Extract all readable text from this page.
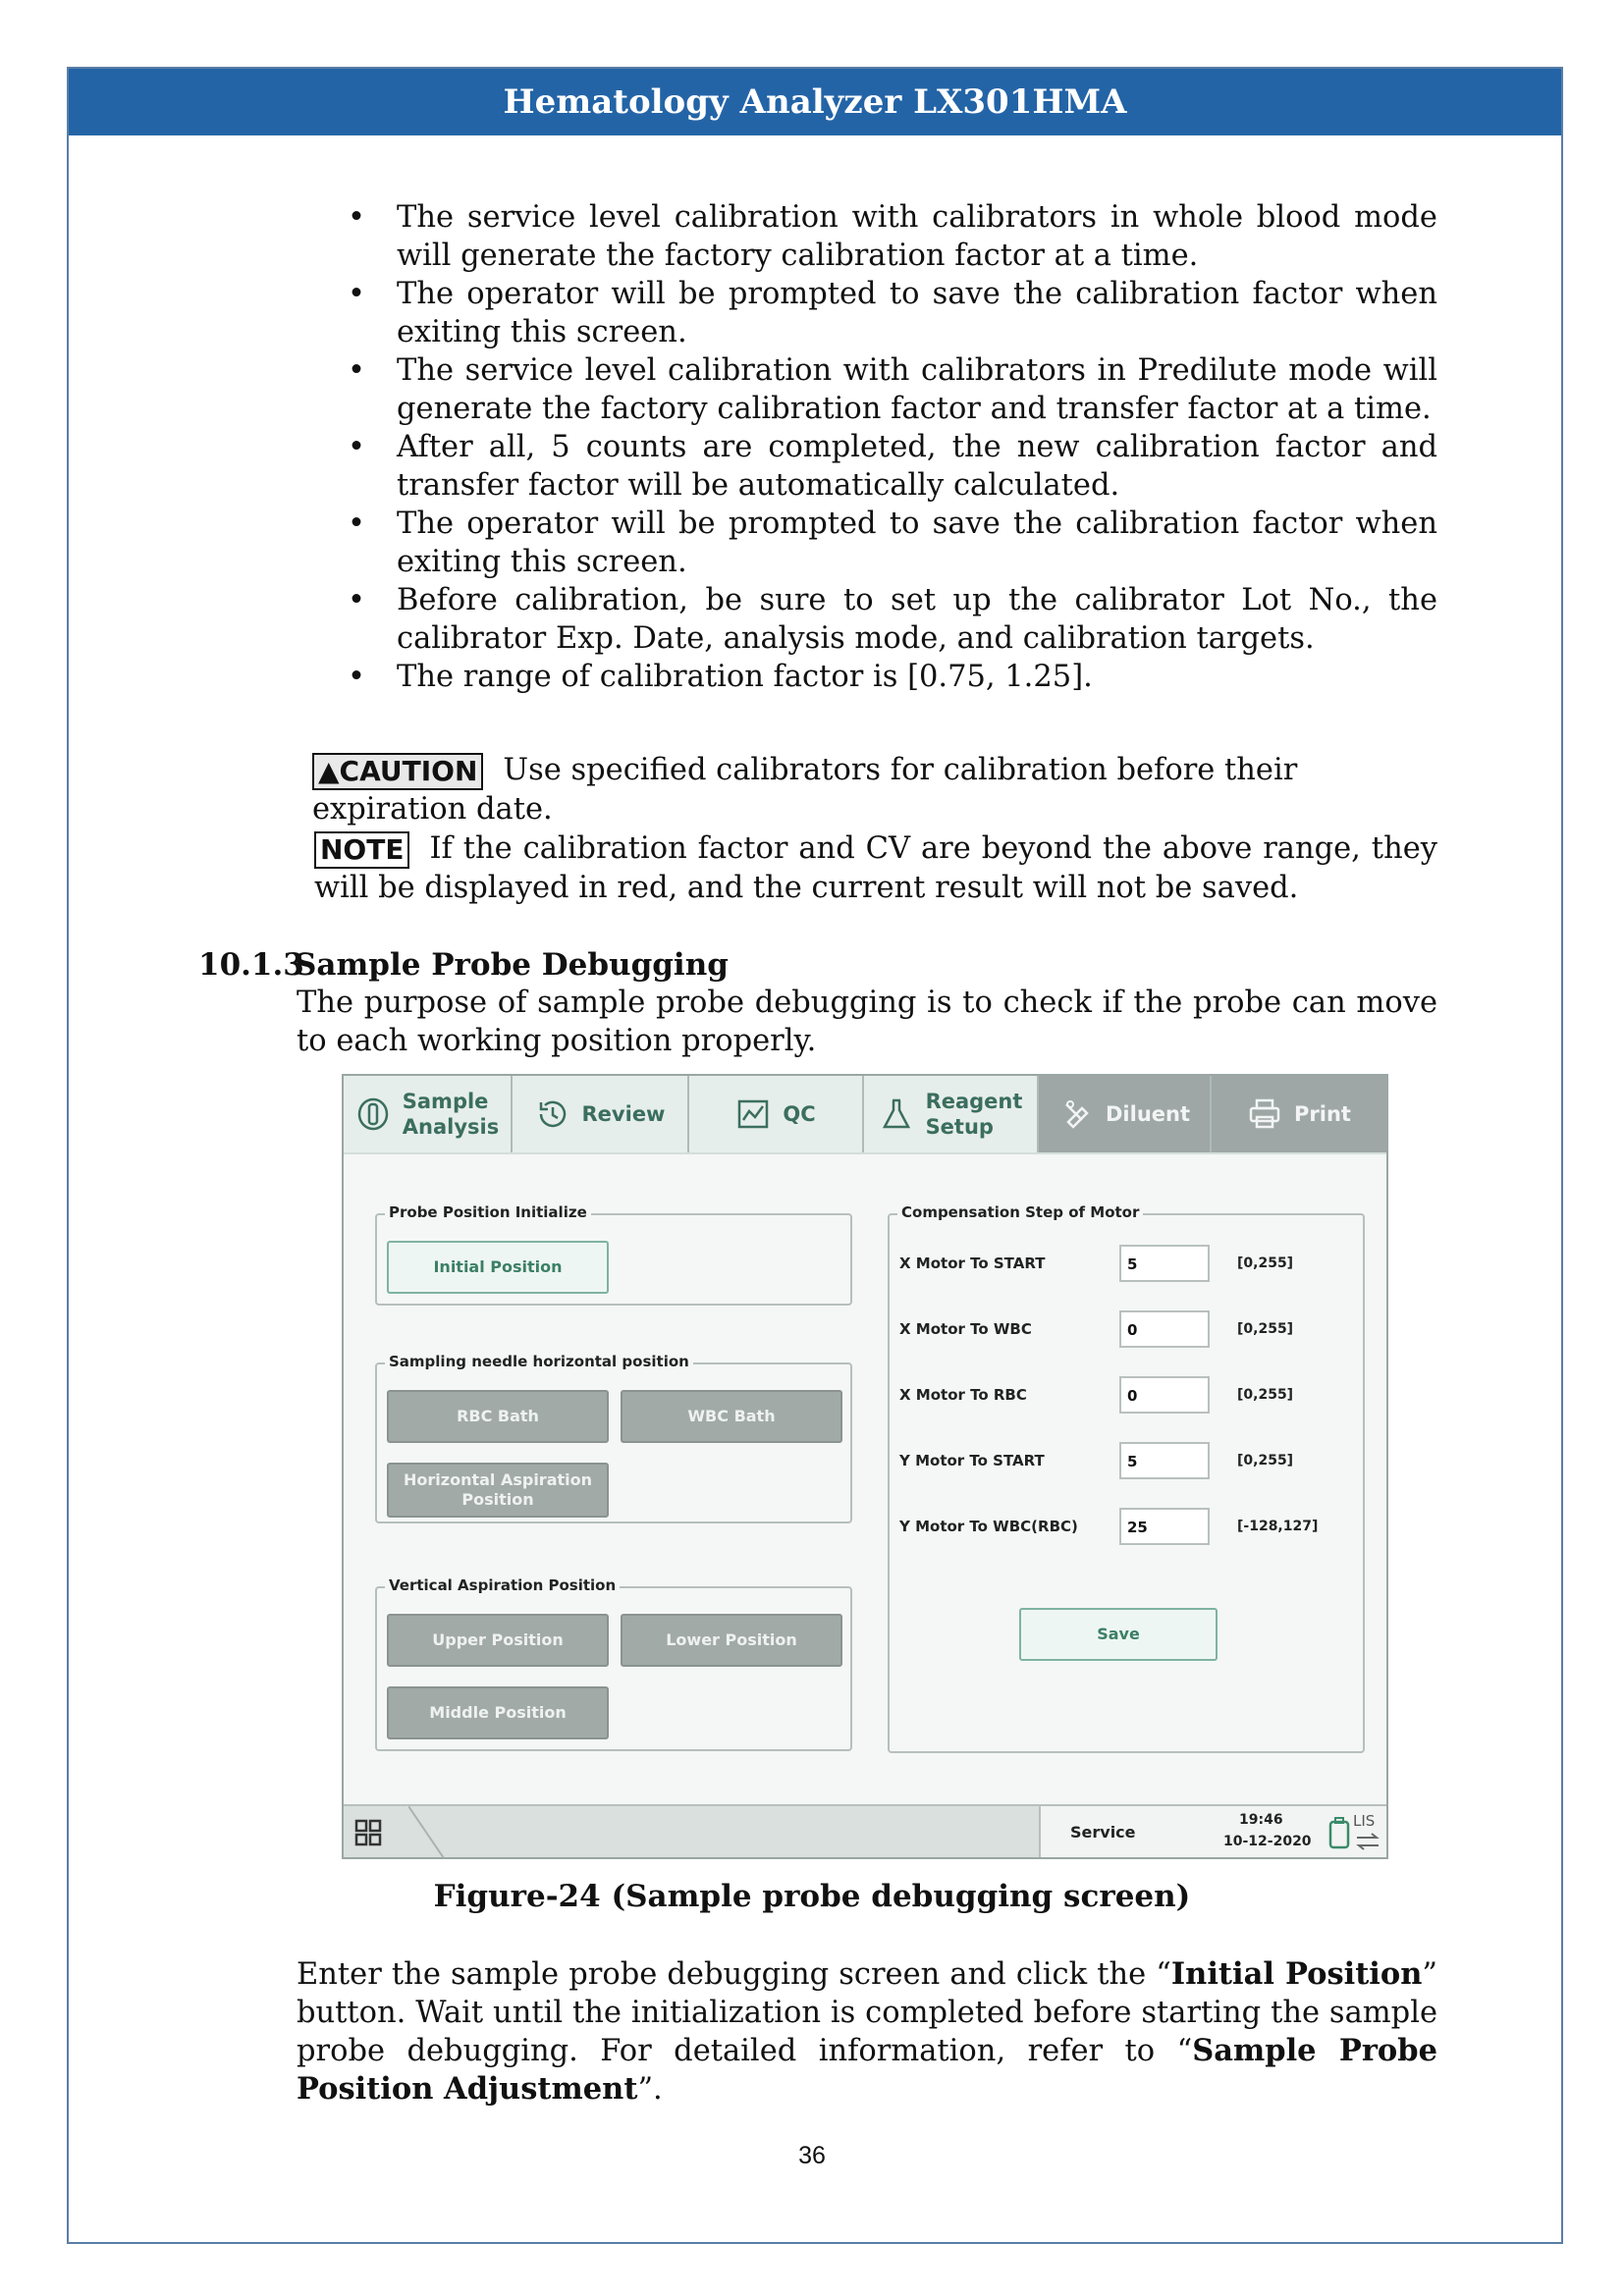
Hematology Analyzer LX301HMA
• The service level calibration with calibrators in whole blood mode will generate the factory calibration factor at a time.
• The operator will be prompted to save the calibration factor when exiting this screen.
• The service level calibration with calibrators in Predilute mode will generate the factory calibration factor and transfer factor at a time.
• After all, 5 counts are completed, the new calibration factor and transfer factor will be automatically calculated.
• The operator will be prompted to save the calibration factor when exiting this screen.
• Before calibration, be sure to set up the calibrator Lot No., the calibrator Exp. Date, analysis mode, and calibration targets.
• The range of calibration factor is [0.75, 1.25].
▲CAUTION Use specified calibrators for calibration before their expiration date.
NOTE If the calibration factor and CV are beyond the above range, they will be displayed in red, and the current result will not be saved.
10.1.3Sample Probe Debugging
The purpose of sample probe debugging is to check if the probe can move to each working position properly.
Sample
Analysis
Review	QC
Reagent
Setup
Diluent	Print
Probe Position Initialize
Initial Position
Sampling needle horizontal position
RBC Bath	WBC Bath
Horizontal Aspiration Position
Vertical Aspiration Position
Upper Position	Lower Position
Middle Position
Compensation Step of Motor
X Motor To START	5	[0,255]
X Motor To WBC	0	[0,255]
X Motor To RBC	0	[0,255]
Y Motor To START	5	[0,255]
Y Motor To WBC(RBC)	25	[-128,127]
Save
Service
19:46
10-12-2020
LIS
Figure-24 (Sample probe debugging screen)
Enter the sample probe debugging screen and click the “Initial Position” button. Wait until the initialization is completed before starting the sample probe debugging. For detailed information, refer to “Sample Probe Position Adjustment”.
36
